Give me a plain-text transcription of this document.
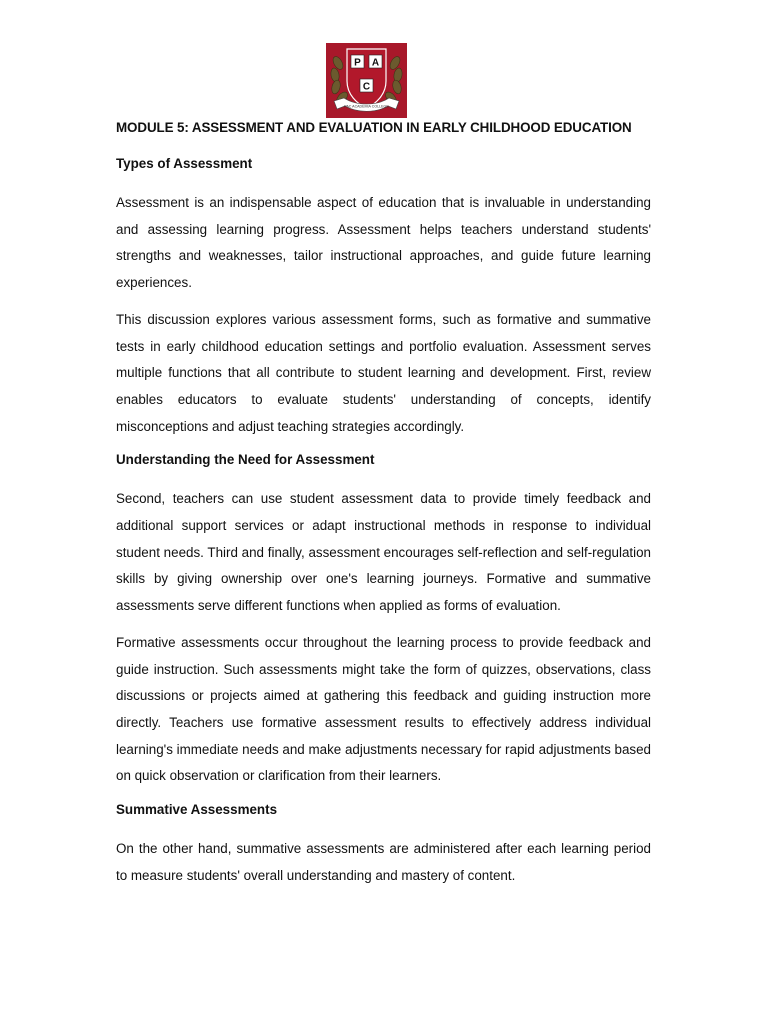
P A
C
PAC ACADEMIA COLLEGE
MODULE 5: ASSESSMENT AND EVALUATION IN EARLY CHILDHOOD EDUCATION
Types of Assessment

Assessment is an indispensable aspect of education that is invaluable in understanding and assessing learning progress. Assessment helps teachers understand students' strengths and weaknesses, tailor instructional approaches, and guide future learning experiences.

This discussion explores various assessment forms, such as formative and summative tests in early childhood education settings and portfolio evaluation. Assessment serves multiple functions that all contribute to student learning and development. First, review enables educators to evaluate students' understanding of concepts, identify misconceptions and adjust teaching strategies accordingly.

Understanding the Need for Assessment

Second, teachers can use student assessment data to provide timely feedback and additional support services or adapt instructional methods in response to individual student needs. Third and finally, assessment encourages self-reflection and self-regulation skills by giving ownership over one's learning journeys. Formative and summative assessments serve different functions when applied as forms of evaluation.

Formative assessments occur throughout the learning process to provide feedback and guide instruction. Such assessments might take the form of quizzes, observations, class discussions or projects aimed at gathering this feedback and guiding instruction more directly. Teachers use formative assessment results to effectively address individual learning's immediate needs and make adjustments necessary for rapid adjustments based on quick observation or clarification from their learners.

Summative Assessments

On the other hand, summative assessments are administered after each learning period to measure students' overall understanding and mastery of content.
